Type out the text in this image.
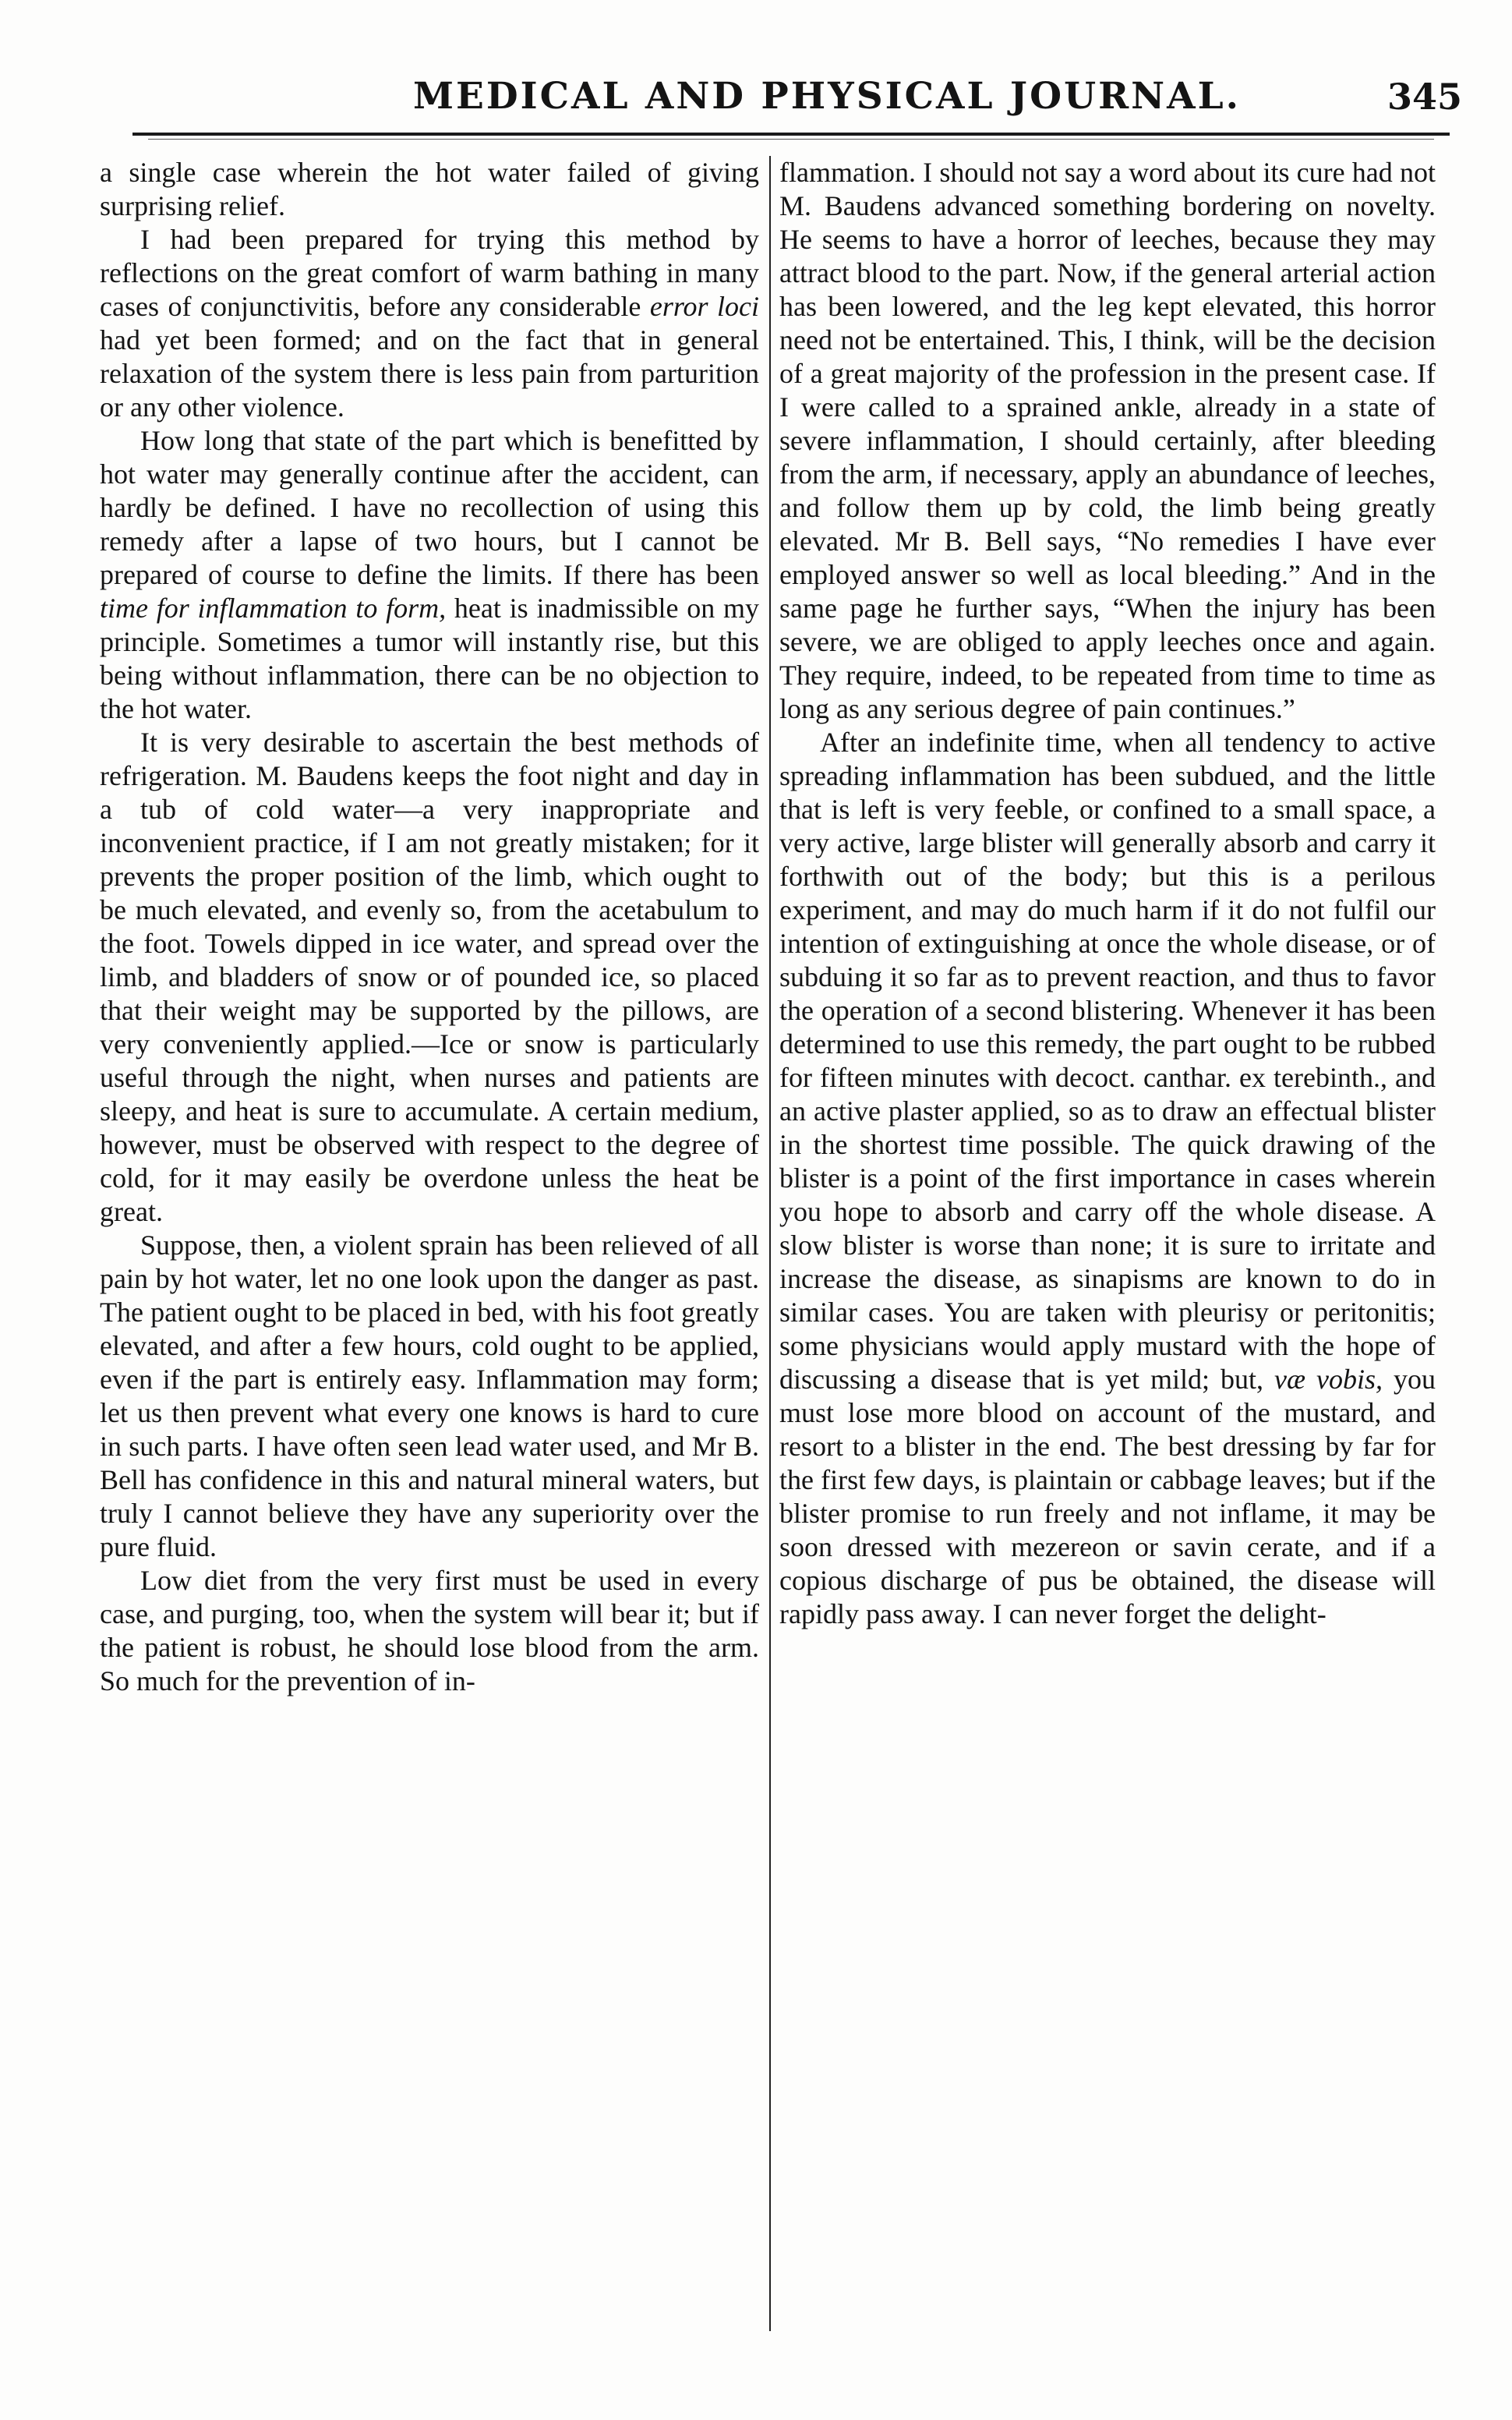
MEDICAL AND PHYSICAL JOURNAL.	345

a single case wherein the hot water failed of giving surprising relief.

I had been prepared for trying this method by reflections on the great comfort of warm bathing in many cases of conjunctivitis, before any considerable error loci had yet been formed; and on the fact that in general relaxation of the system there is less pain from parturition or any other violence.

How long that state of the part which is benefitted by hot water may generally continue after the accident, can hardly be defined. I have no recollection of using this remedy after a lapse of two hours, but I cannot be prepared of course to define the limits. If there has been time for inflammation to form, heat is inadmissible on my principle. Sometimes a tumor will instantly rise, but this being without inflammation, there can be no objection to the hot water.

It is very desirable to ascertain the best methods of refrigeration. M. Baudens keeps the foot night and day in a tub of cold water—a very inappropriate and inconvenient practice, if I am not greatly mistaken; for it prevents the proper position of the limb, which ought to be much elevated, and evenly so, from the acetabulum to the foot. Towels dipped in ice water, and spread over the limb, and bladders of snow or of pounded ice, so placed that their weight may be supported by the pillows, are very conveniently applied.—Ice or snow is particularly useful through the night, when nurses and patients are sleepy, and heat is sure to accumulate. A certain medium, however, must be observed with respect to the degree of cold, for it may easily be overdone unless the heat be great.

Suppose, then, a violent sprain has been relieved of all pain by hot water, let no one look upon the danger as past. The patient ought to be placed in bed, with his foot greatly elevated, and after a few hours, cold ought to be applied, even if the part is entirely easy. Inflammation may form; let us then prevent what every one knows is hard to cure in such parts. I have often seen lead water used, and Mr B. Bell has confidence in this and natural mineral waters, but truly I cannot believe they have any superiority over the pure fluid.

Low diet from the very first must be used in every case, and purging, too, when the system will bear it; but if the patient is robust, he should lose blood from the arm. So much for the prevention of in-

flammation. I should not say a word about its cure had not M. Baudens advanced something bordering on novelty. He seems to have a horror of leeches, because they may attract blood to the part. Now, if the general arterial action has been lowered, and the leg kept elevated, this horror need not be entertained. This, I think, will be the decision of a great majority of the profession in the present case. If I were called to a sprained ankle, already in a state of severe inflammation, I should certainly, after bleeding from the arm, if necessary, apply an abundance of leeches, and follow them up by cold, the limb being greatly elevated. Mr B. Bell says, “No remedies I have ever employed answer so well as local bleeding.” And in the same page he further says, “When the injury has been severe, we are obliged to apply leeches once and again. They require, indeed, to be repeated from time to time as long as any serious degree of pain continues.”

After an indefinite time, when all tendency to active spreading inflammation has been subdued, and the little that is left is very feeble, or confined to a small space, a very active, large blister will generally absorb and carry it forthwith out of the body; but this is a perilous experiment, and may do much harm if it do not fulfil our intention of extinguishing at once the whole disease, or of subduing it so far as to prevent reaction, and thus to favor the operation of a second blistering. Whenever it has been determined to use this remedy, the part ought to be rubbed for fifteen minutes with decoct. canthar. ex terebinth., and an active plaster applied, so as to draw an effectual blister in the shortest time possible. The quick drawing of the blister is a point of the first importance in cases wherein you hope to absorb and carry off the whole disease. A slow blister is worse than none; it is sure to irritate and increase the disease, as sinapisms are known to do in similar cases. You are taken with pleurisy or peritonitis; some physicians would apply mustard with the hope of discussing a disease that is yet mild; but, væ vobis, you must lose more blood on account of the mustard, and resort to a blister in the end. The best dressing by far for the first few days, is plaintain or cabbage leaves; but if the blister promise to run freely and not inflame, it may be soon dressed with mezereon or savin cerate, and if a copious discharge of pus be obtained, the disease will rapidly pass away. I can never forget the delight-
